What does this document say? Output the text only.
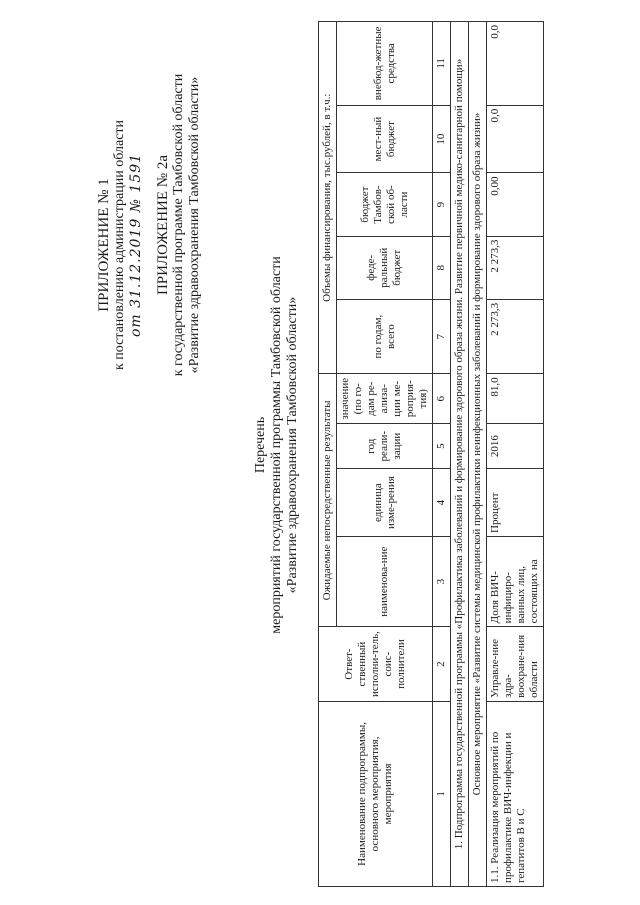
ПРИЛОЖЕНИЕ № 1 к постановлению администрации области от 31.12.2019 № 1591 ПРИЛОЖЕНИЕ № 2а к государственной программе Тамбовской области «Развитие здравоохранения Тамбовской области»
Перечень мероприятий государственной программы Тамбовской области «Развитие здравоохранения Тамбовской области»
Наименование подпрограммы, основного мероприятия, мероприятия	Ответ-ственный исполни-тель, соис-полнители	Ожидаемые непосредственные результаты				Объемы финансирования, тыс.рублей, в т.ч.:				
		наименова-ние	единица изме-рения	год реали-зации	значение (по го-дам ре-ализа-ции ме-роприя-тия)	по годам, всего	феде-ральный бюджет	бюджет Тамбов-ской об-ласти	мест-ный бюджет	внебюд-жетные средства
1	2	3	4	5	6	7	8	9	10	11
1. Подпрограмма государственной программы «Профилактика заболеваний и формирование здорового образа жизни. Развитие первичной медико-санитарной помощи»										
Основное мероприятие «Развитие системы медицинской профилактики неинфекционных заболеваний и формирование здорового образа жизни»										
1.1. Реализация мероприятий по профилактике ВИЧ-инфекции и гепатитов В и С	Управле-ние здра-воохране-ния области	Доля ВИЧ-инфициро-ванных лиц, состоящих на	Процент	2016	81,0	2 273,3	2 273,3	0,00	0,0	0,0
